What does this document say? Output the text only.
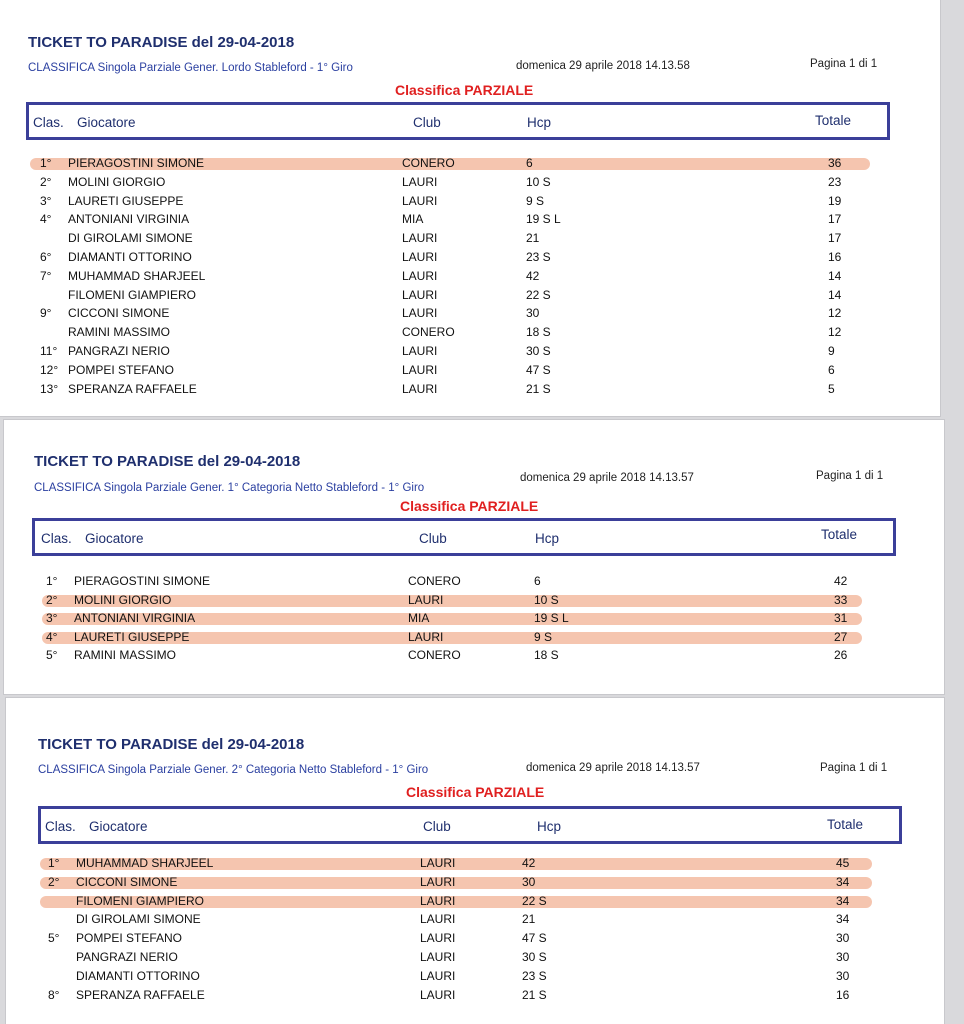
TICKET TO PARADISE del 29-04-2018
CLASSIFICA Singola Parziale Gener. Lordo Stableford - 1° Giro	domenica 29 aprile 2018 14.13.58	Pagina 1 di 1
Classifica PARZIALE
Clas. Giocatore	Club	Hcp	Totale
1° PIERAGOSTINI SIMONE	CONERO	6	36
2° MOLINI GIORGIO	LAURI	10 S	23
3° LAURETI GIUSEPPE	LAURI	9 S	19
4° ANTONIANI VIRGINIA	MIA	19 S L	17
DI GIROLAMI SIMONE	LAURI	21	17
6° DIAMANTI OTTORINO	LAURI	23 S	16
7° MUHAMMAD SHARJEEL	LAURI	42	14
FILOMENI GIAMPIERO	LAURI	22 S	14
9° CICCONI SIMONE	LAURI	30	12
RAMINI MASSIMO	CONERO	18 S	12
11° PANGRAZI NERIO	LAURI	30 S	9
12° POMPEI STEFANO	LAURI	47 S	6
13° SPERANZA RAFFAELE	LAURI	21 S	5
TICKET TO PARADISE del 29-04-2018
CLASSIFICA Singola Parziale Gener. 1° Categoria Netto Stableford - 1° Giro
domenica 29 aprile 2018 14.13.57	Pagina 1 di 1
Classifica PARZIALE
Clas. Giocatore	Club	Hcp	Totale
1° PIERAGOSTINI SIMONE	CONERO	6	42
2° MOLINI GIORGIO	LAURI	10 S	33
3° ANTONIANI VIRGINIA	MIA	19 S L	31
4° LAURETI GIUSEPPE	LAURI	9 S	27
5° RAMINI MASSIMO	CONERO	18 S	26
TICKET TO PARADISE del 29-04-2018
CLASSIFICA Singola Parziale Gener. 2° Categoria Netto Stableford - 1° Giro	domenica 29 aprile 2018 14.13.57	Pagina 1 di 1
Classifica PARZIALE
Clas. Giocatore	Club	Hcp	Totale
1° MUHAMMAD SHARJEEL	LAURI	42	45
2° CICCONI SIMONE	LAURI	30	34
FILOMENI GIAMPIERO	LAURI	22 S	34
DI GIROLAMI SIMONE	LAURI	21	34
5° POMPEI STEFANO	LAURI	47 S	30
PANGRAZI NERIO	LAURI	30 S	30
DIAMANTI OTTORINO	LAURI	23 S	30
8° SPERANZA RAFFAELE	LAURI	21 S	16
